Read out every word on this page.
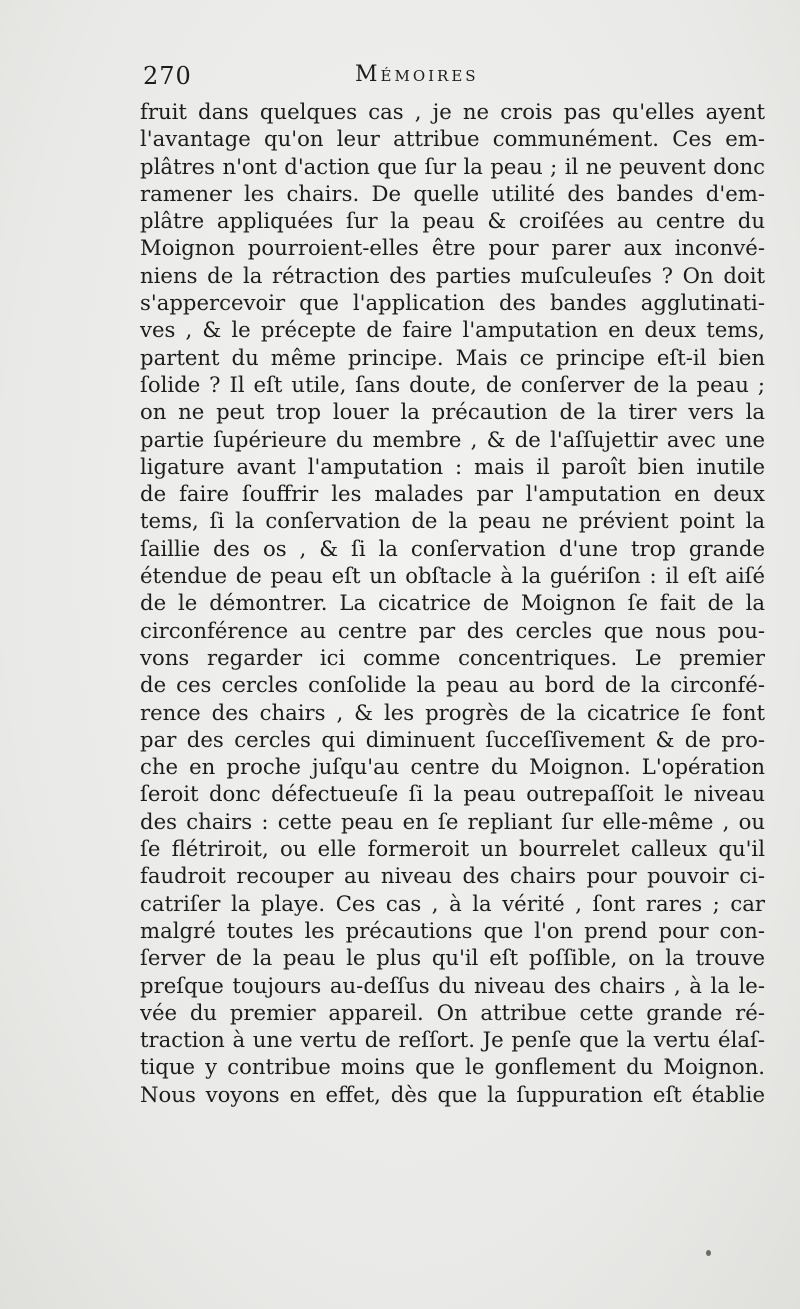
270	Mémoires
fruit dans quelques cas , je ne crois pas qu'elles ayent
l'avantage qu'on leur attribue communément. Ces em-
plâtres n'ont d'action que ſur la peau ; il ne peuvent donc
ramener les chairs. De quelle utilité des bandes d'em-
plâtre appliquées ſur la peau & croiſées au centre du
Moignon pourroient-elles être pour parer aux inconvé-
niens de la rétraction des parties muſculeuſes ? On doit
s'appercevoir que l'application des bandes agglutinati-
ves , & le précepte de faire l'amputation en deux tems,
partent du même principe. Mais ce principe eſt-il bien
ſolide ? Il eſt utile, ſans doute, de conſerver de la peau ;
on ne peut trop louer la précaution de la tirer vers la
partie ſupérieure du membre , & de l'aſſujettir avec une
ligature avant l'amputation : mais il paroît bien inutile
de faire ſouffrir les malades par l'amputation en deux
tems, ſi la conſervation de la peau ne prévient point la
ſaillie des os , & ſi la conſervation d'une trop grande
étendue de peau eſt un obſtacle à la guériſon : il eſt aiſé
de le démontrer. La cicatrice de Moignon ſe fait de la
circonférence au centre par des cercles que nous pou-
vons regarder ici comme concentriques. Le premier
de ces cercles conſolide la peau au bord de la circonfé-
rence des chairs , & les progrès de la cicatrice ſe font
par des cercles qui diminuent ſucceſſivement & de pro-
che en proche juſqu'au centre du Moignon. L'opération
ſeroit donc défectueuſe ſi la peau outrepaſſoit le niveau
des chairs : cette peau en ſe repliant ſur elle-même , ou
ſe flétriroit, ou elle formeroit un bourrelet calleux qu'il
faudroit recouper au niveau des chairs pour pouvoir ci-
catriſer la playe. Ces cas , à la vérité , ſont rares ; car
malgré toutes les précautions que l'on prend pour con-
ſerver de la peau le plus qu'il eſt poſſible, on la trouve
preſque toujours au-deſſus du niveau des chairs , à la le-
vée du premier appareil. On attribue cette grande ré-
traction à une vertu de reſſort. Je penſe que la vertu élaſ-
tique y contribue moins que le gonflement du Moignon.
Nous voyons en effet, dès que la ſuppuration eſt établie
